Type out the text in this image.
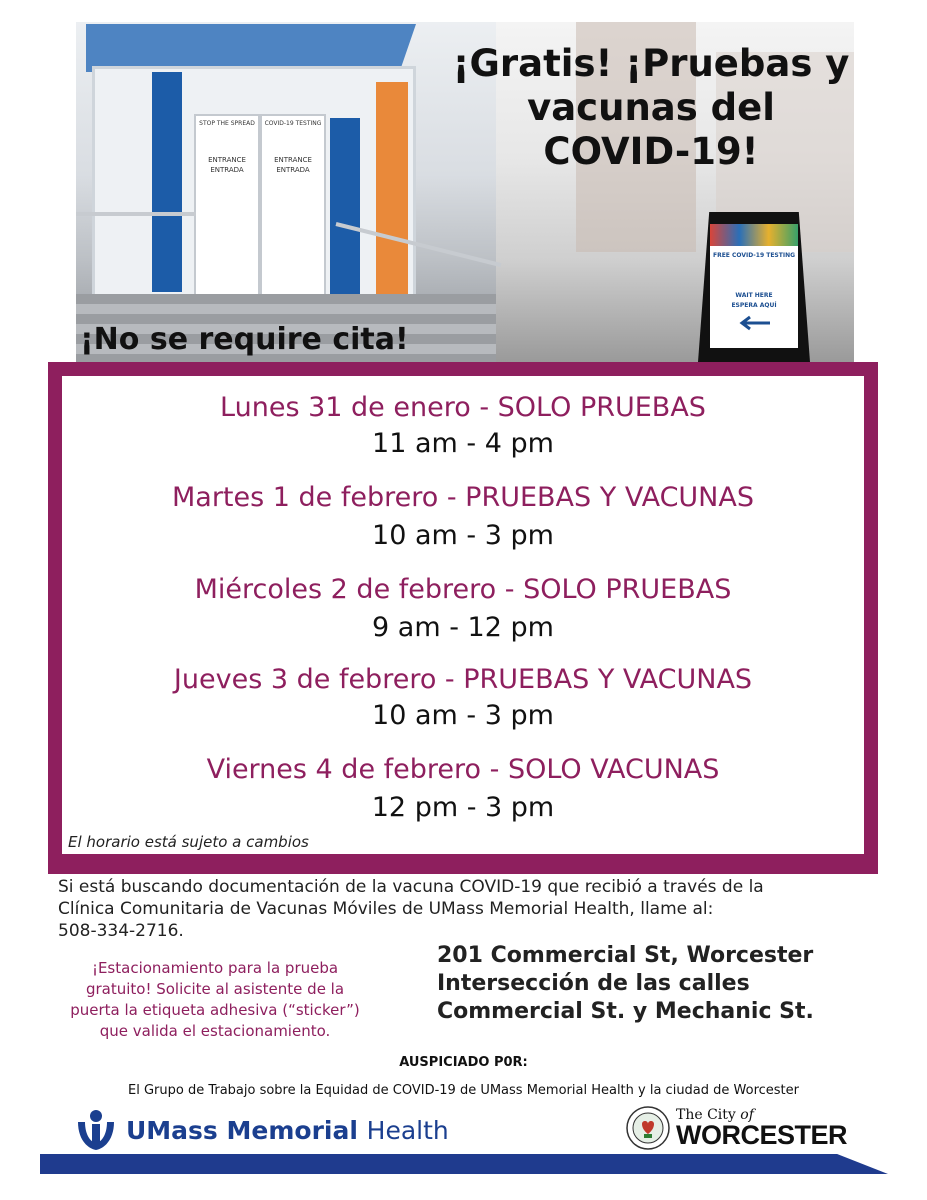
STOP THE SPREAD
ENTRANCE
ENTRADA
COVID-19 TESTING
ENTRANCE
ENTRADA
FREE COVID-19 TESTING
WAIT HERE
ESPERA AQUÍ
¡Gratis! ¡Pruebas y
vacunas del
COVID-19!
¡No se require cita!
Lunes 31 de enero - SOLO PRUEBAS
11 am - 4 pm
Martes 1 de febrero - PRUEBAS Y VACUNAS
10 am - 3 pm
Miércoles 2 de febrero - SOLO PRUEBAS
9 am - 12 pm
Jueves 3 de febrero - PRUEBAS Y VACUNAS
10 am - 3 pm
Viernes 4 de febrero - SOLO VACUNAS
12 pm - 3 pm
El horario está sujeto a cambios
Si está buscando documentación de la vacuna COVID-19 que recibió a través de la
Clínica Comunitaria de Vacunas Móviles de UMass Memorial Health, llame al:
508-334-2716.
¡Estacionamiento para la prueba
gratuito! Solicite al asistente de la
puerta la etiqueta adhesiva (“sticker”)
que valida el estacionamiento.
201 Commercial St, Worcester
Intersección de las calles
Commercial St. y Mechanic St.
AUSPICIADO P0R:
El Grupo de Trabajo sobre la Equidad de COVID-19 de UMass Memorial Health y la ciudad de Worcester
UMass Memorial Health
The City of
WORCESTER
